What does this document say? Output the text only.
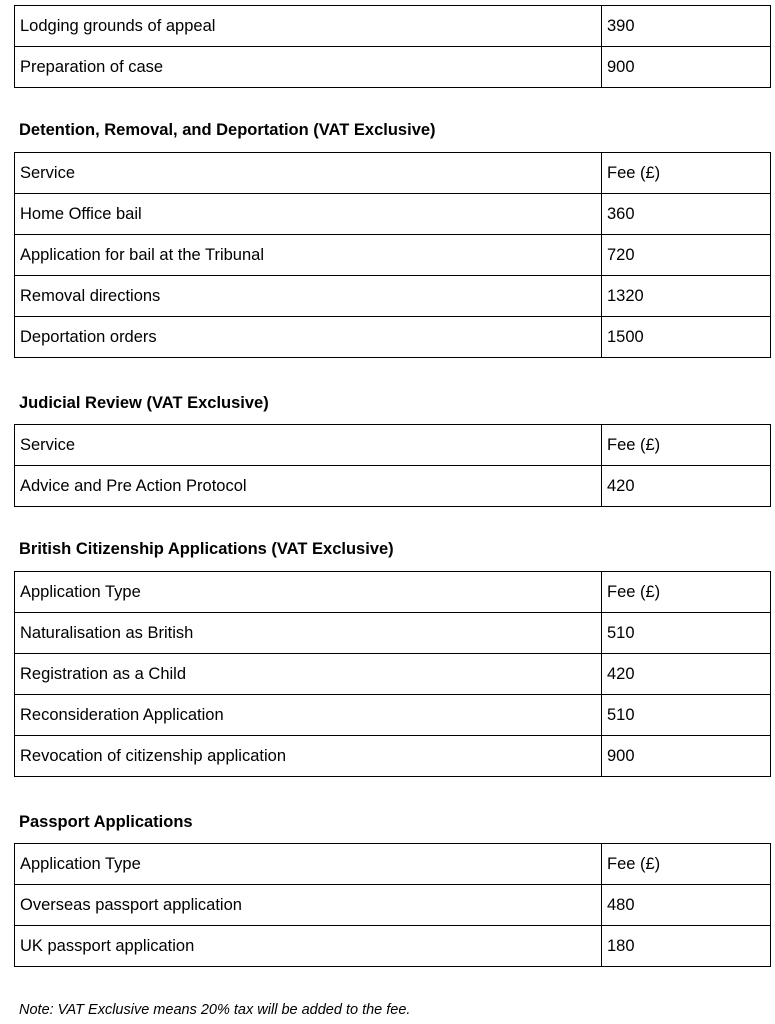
Lodging grounds of appeal	390
Preparation of case	900
Detention, Removal, and Deportation (VAT Exclusive)
Service	Fee (£)
Home Office bail	360
Application for bail at the Tribunal	720
Removal directions	1320
Deportation orders	1500
Judicial Review (VAT Exclusive)
Service	Fee (£)
Advice and Pre Action Protocol	420
British Citizenship Applications (VAT Exclusive)
Application Type	Fee (£)
Naturalisation as British	510
Registration as a Child	420
Reconsideration Application	510
Revocation of citizenship application	900
Passport Applications
Application Type	Fee (£)
Overseas passport application	480
UK passport application	180
Note: VAT Exclusive means 20% tax will be added to the fee.
